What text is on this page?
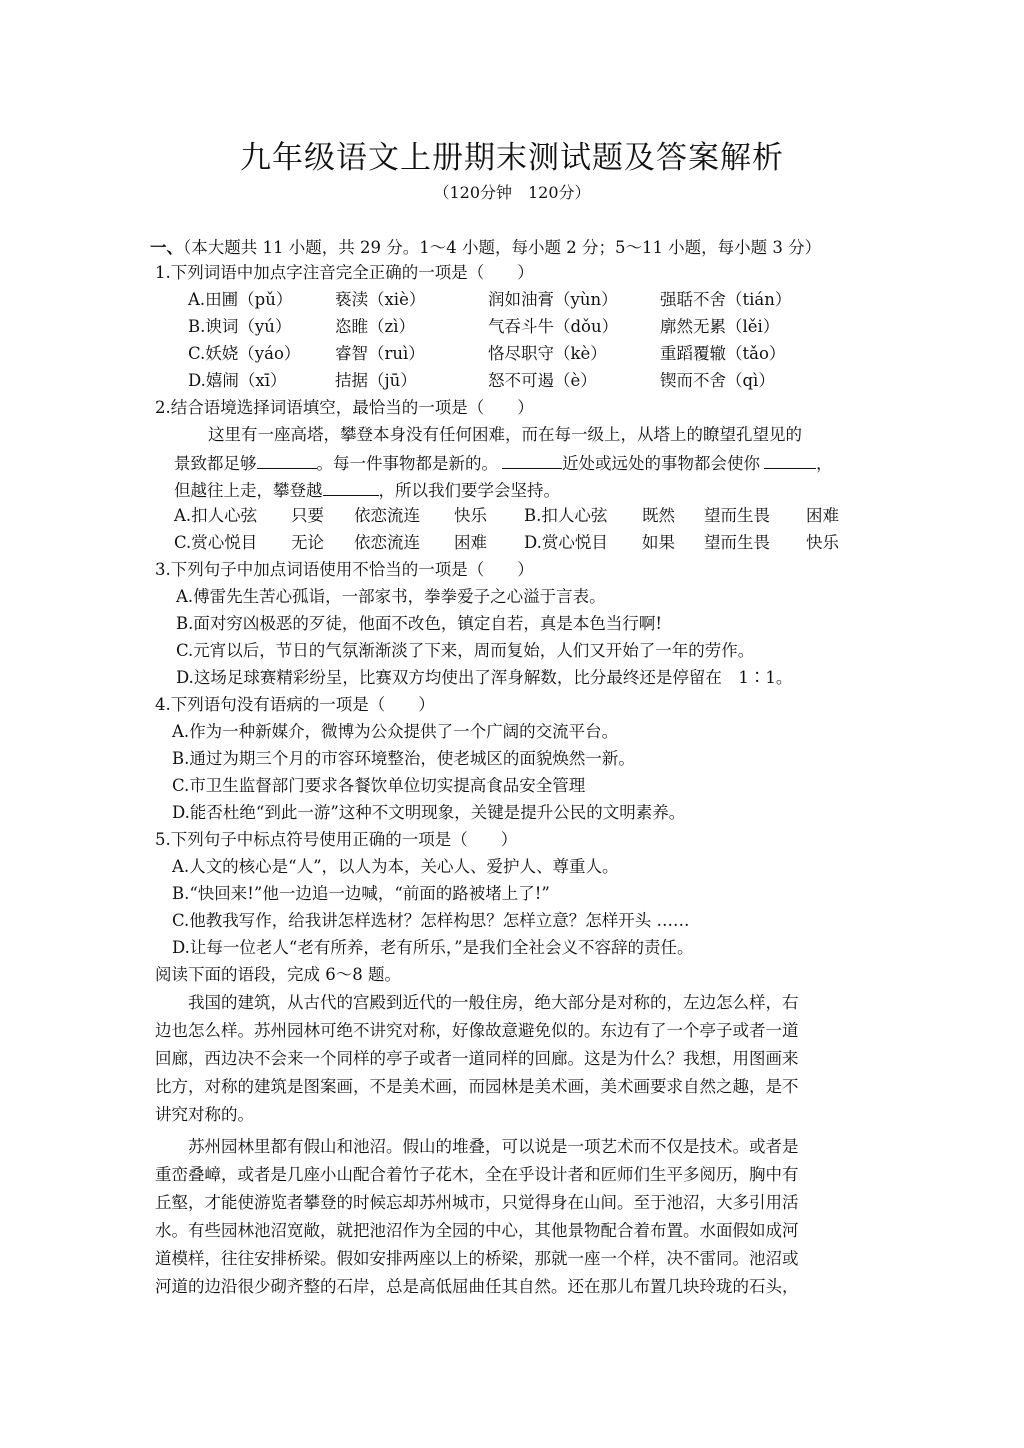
九年级语文上册期末测试题及答案解析
（120分钟　120分）
一、（本大题共 11 小题，共 29 分。1～4 小题，每小题 2 分；5～11 小题，每小题 3 分）
1.下列词语中加点字注音完全正确的一项是（　　）
A.田圃（pǔ）	亵渎（xiè）	润如油膏（yùn）	强聒不舍（tián）
B.谀词（yú）	恣睢（zì）	气吞斗牛（dǒu）	廓然无累（lěi）
C.妖娆（yáo） 睿智（ruì）	恪尽职守（kè）	重蹈覆辙（tǎo）
D.嬉闹（xī）	拮据（jū）	怒不可遏（è）	锲而不舍（qì）
2.结合语境选择词语填空，最恰当的一项是（　　）
这里有一座高塔，攀登本身没有任何困难，而在每一级上，从塔上的瞭望孔望见的
景致都足够	。每一件事物都是新的。	近处或远处的事物都会使你	，
但越往上走，攀登越	，所以我们要学会坚持。
A.扣人心弦 只要 依恋流连 快乐 B.扣人心弦 既然 望而生畏 困难
C.赏心悦目 无论 依恋流连 困难 D.赏心悦目 如果 望而生畏 快乐
3.下列句子中加点词语使用不恰当的一项是（　　）
A.傅雷先生苦心孤诣，一部家书，拳拳爱子之心溢于言表。
B.面对穷凶极恶的歹徒，他面不改色，镇定自若，真是本色当行啊!
C.元宵以后，节日的气氛渐渐淡了下来，周而复始，人们又开始了一年的劳作。
D.这场足球赛精彩纷呈，比赛双方均使出了浑身解数，比分最终还是停留在　1∶1。
4.下列语句没有语病的一项是（　　）
A.作为一种新媒介，微博为公众提供了一个广阔的交流平台。
B.通过为期三个月的市容环境整治，使老城区的面貌焕然一新。
C.市卫生监督部门要求各餐饮单位切实提高食品安全管理
D.能否杜绝“到此一游”这种不文明现象，关键是提升公民的文明素养。
5.下列句子中标点符号使用正确的一项是（　　）
A.人文的核心是“人”，以人为本，关心人、爱护人、尊重人。
B.“快回来!”他一边追一边喊，“前面的路被堵上了!”
C.他教我写作，给我讲怎样选材？怎样构思？怎样立意？怎样开头 ……
D.让每一位老人“老有所养，老有所乐，”是我们全社会义不容辞的责任。
阅读下面的语段，完成 6～8 题。
我国的建筑，从古代的宫殿到近代的一般住房，绝大部分是对称的，左边怎么样，右
边也怎么样。苏州园林可绝不讲究对称，好像故意避免似的。东边有了一个亭子或者一道
回廊，西边决不会来一个同样的亭子或者一道同样的回廊。这是为什么？我想，用图画来
比方，对称的建筑是图案画，不是美术画，而园林是美术画，美术画要求自然之趣，是不
讲究对称的。
苏州园林里都有假山和池沼。假山的堆叠，可以说是一项艺术而不仅是技术。或者是
重峦叠嶂，或者是几座小山配合着竹子花木，全在乎设计者和匠师们生平多阅历，胸中有
丘壑，才能使游览者攀登的时候忘却苏州城市，只觉得身在山间。至于池沼，大多引用活
水。有些园林池沼宽敞，就把池沼作为全园的中心，其他景物配合着布置。水面假如成河
道模样，往往安排桥梁。假如安排两座以上的桥梁，那就一座一个样，决不雷同。池沼或
河道的边沿很少砌齐整的石岸，总是高低屈曲任其自然。还在那儿布置几块玲珑的石头，
